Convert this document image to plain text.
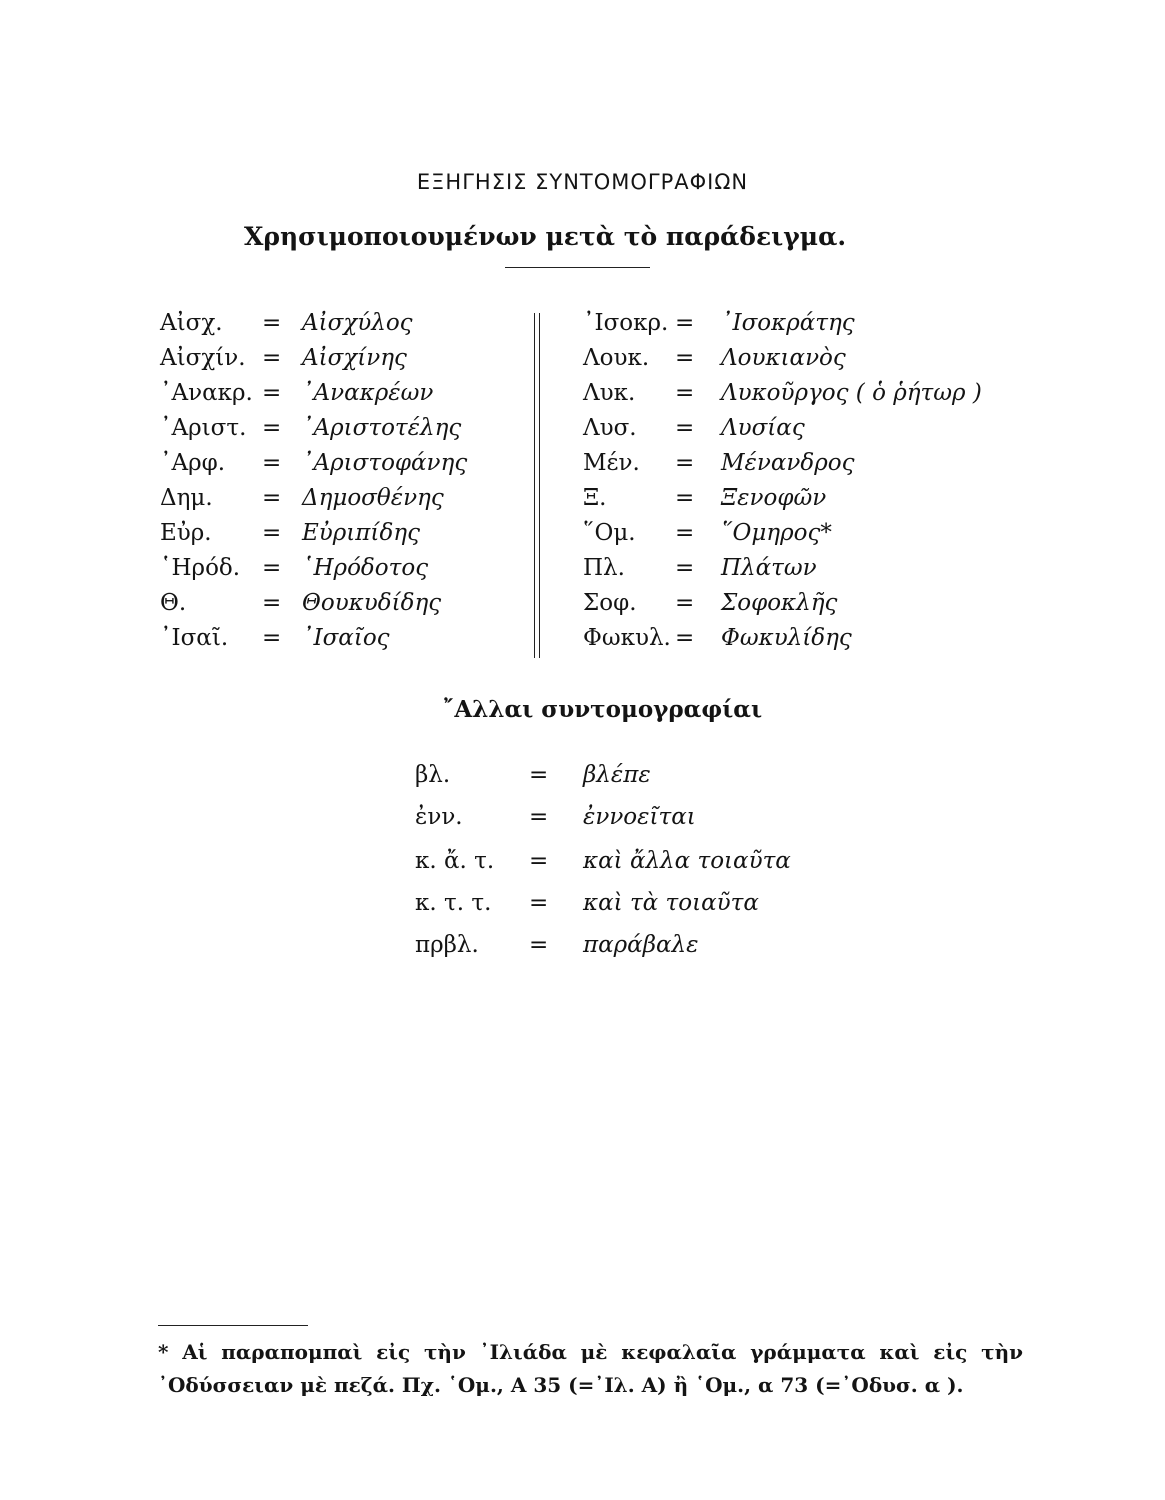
ΕΞΗΓΗΣΙΣ ΣΥΝΤΟΜΟΓΡΑΦΙΩΝ
Χρησιμοποιουμένων μετὰ τὸ παράδειγμα.
Αἰσχ. = Αἰσχύλος
Αἰσχίν. = Αἰσχίνης
᾿Ανακρ. = ᾿Ανακρέων
᾿Αριστ. = ᾿Αριστοτέλης
᾿Αρφ. = ᾿Αριστοφάνης
Δημ. = Δημοσθένης
Εὐρ. = Εὐριπίδης
῾Ηρόδ. = ῾Ηρόδοτος
Θ.	= Θουκυδίδης
᾿Ισαῖ. = ᾿Ισαῖος
᾿Ισοκρ. = ᾿Ισοκράτης
Λουκ. = Λουκιανὸς
Λυκ. = Λυκοῦργος ( ὁ ῥήτωρ )
Λυσ. = Λυσίας
Μέν. = Μένανδρος
Ξ.	= Ξενοφῶν
῞Ομ. = ῞Ομηρος*
Πλ. = Πλάτων
Σοφ. = Σοφοκλῆς
Φωκυλ. = Φωκυλίδης
῎Αλλαι συντομογραφίαι
βλ.	= βλέπε
ἐνν.	= ἐννοεῖται
κ. ἄ. τ. = καὶ ἄλλα τοιαῦτα
κ. τ. τ. = καὶ τὰ τοιαῦτα
πρβλ. = παράβαλε
* Αἱ παραπομπαὶ εἰς τὴν ᾿Ιλιάδα μὲ κεφαλαῖα γράμματα καὶ εἰς τὴν ᾿Οδύσσειαν μὲ πεζά. Πχ. ῾Ομ., Α 35 (=᾿Ιλ. Α) ἢ ῾Ομ., α 73 (=᾿Οδυσ. α ).
